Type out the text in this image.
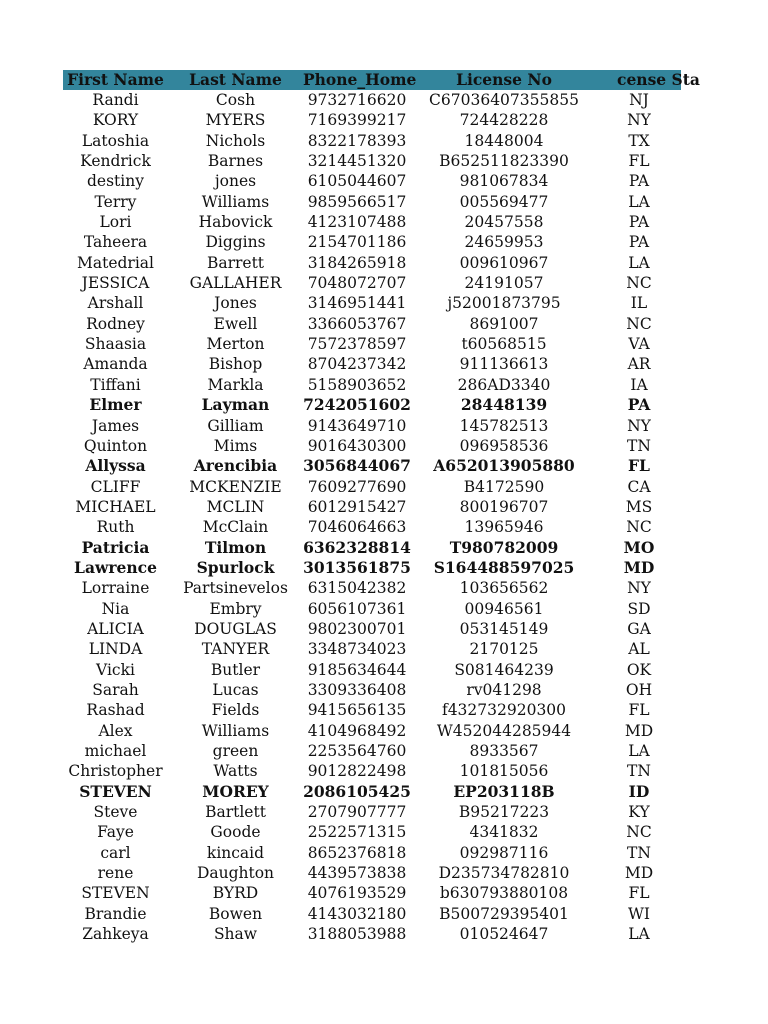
First Name	Last Name	Phone_Home	License No	cense Sta
Randi	Cosh	9732716620	C67036407355855	NJ
KORY	MYERS	7169399217	724428228	NY
Latoshia	Nichols	8322178393	18448004	TX
Kendrick	Barnes	3214451320	B652511823390	FL
destiny	jones	6105044607	981067834	PA
Terry	Williams	9859566517	005569477	LA
Lori	Habovick	4123107488	20457558	PA
Taheera	Diggins	2154701186	24659953	PA
Matedrial	Barrett	3184265918	009610967	LA
JESSICA	GALLAHER	7048072707	24191057	NC
Arshall	Jones	3146951441	j52001873795	IL
Rodney	Ewell	3366053767	8691007	NC
Shaasia	Merton	7572378597	t60568515	VA
Amanda	Bishop	8704237342	911136613	AR
Tiffani	Markla	5158903652	286AD3340	IA
Elmer	Layman	7242051602	28448139	PA
James	Gilliam	9143649710	145782513	NY
Quinton	Mims	9016430300	096958536	TN
Allyssa	Arencibia	3056844067	A652013905880	FL
CLIFF	MCKENZIE	7609277690	B4172590	CA
MICHAEL	MCLIN	6012915427	800196707	MS
Ruth	McClain	7046064663	13965946	NC
Patricia	Tilmon	6362328814	T980782009	MO
Lawrence	Spurlock	3013561875	S164488597025	MD
Lorraine	Partsinevelos	6315042382	103656562	NY
Nia	Embry	6056107361	00946561	SD
ALICIA	DOUGLAS	9802300701	053145149	GA
LINDA	TANYER	3348734023	2170125	AL
Vicki	Butler	9185634644	S081464239	OK
Sarah	Lucas	3309336408	rv041298	OH
Rashad	Fields	9415656135	f432732920300	FL
Alex	Williams	4104968492	W452044285944	MD
michael	green	2253564760	8933567	LA
Christopher	Watts	9012822498	101815056	TN
STEVEN	MOREY	2086105425	EP203118B	ID
Steve	Bartlett	2707907777	B95217223	KY
Faye	Goode	2522571315	4341832	NC
carl	kincaid	8652376818	092987116	TN
rene	Daughton	4439573838	D235734782810	MD
STEVEN	BYRD	4076193529	b630793880108	FL
Brandie	Bowen	4143032180	B500729395401	WI
Zahkeya	Shaw	3188053988	010524647	LA
